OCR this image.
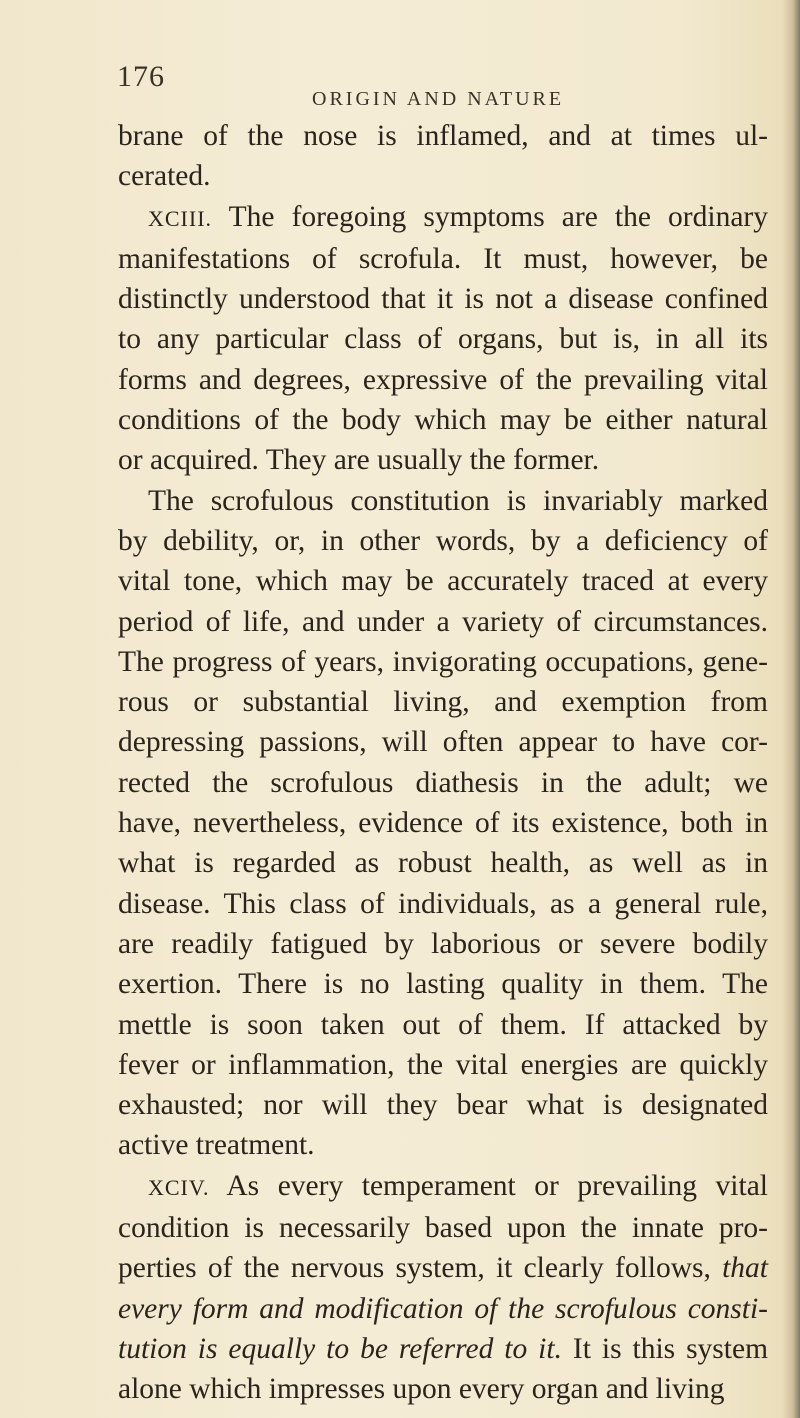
176
ORIGIN AND NATURE
brane of the nose is inflamed, and at times ul-
cerated.
XCIII. The foregoing symptoms are the ordinary
manifestations of scrofula. It must, however, be
distinctly understood that it is not a disease confined
to any particular class of organs, but is, in all its
forms and degrees, expressive of the prevailing vital
conditions of the body which may be either natural
or acquired. They are usually the former.
The scrofulous constitution is invariably marked
by debility, or, in other words, by a deficiency of
vital tone, which may be accurately traced at every
period of life, and under a variety of circumstances.
The progress of years, invigorating occupations, gene-
rous or substantial living, and exemption from
depressing passions, will often appear to have cor-
rected the scrofulous diathesis in the adult; we
have, nevertheless, evidence of its existence, both in
what is regarded as robust health, as well as in
disease. This class of individuals, as a general rule,
are readily fatigued by laborious or severe bodily
exertion. There is no lasting quality in them. The
mettle is soon taken out of them. If attacked by
fever or inflammation, the vital energies are quickly
exhausted; nor will they bear what is designated
active treatment.
XCIV. As every temperament or prevailing vital
condition is necessarily based upon the innate pro-
perties of the nervous system, it clearly follows, that
every form and modification of the scrofulous consti-
tution is equally to be referred to it. It is this system
alone which impresses upon every organ and living
